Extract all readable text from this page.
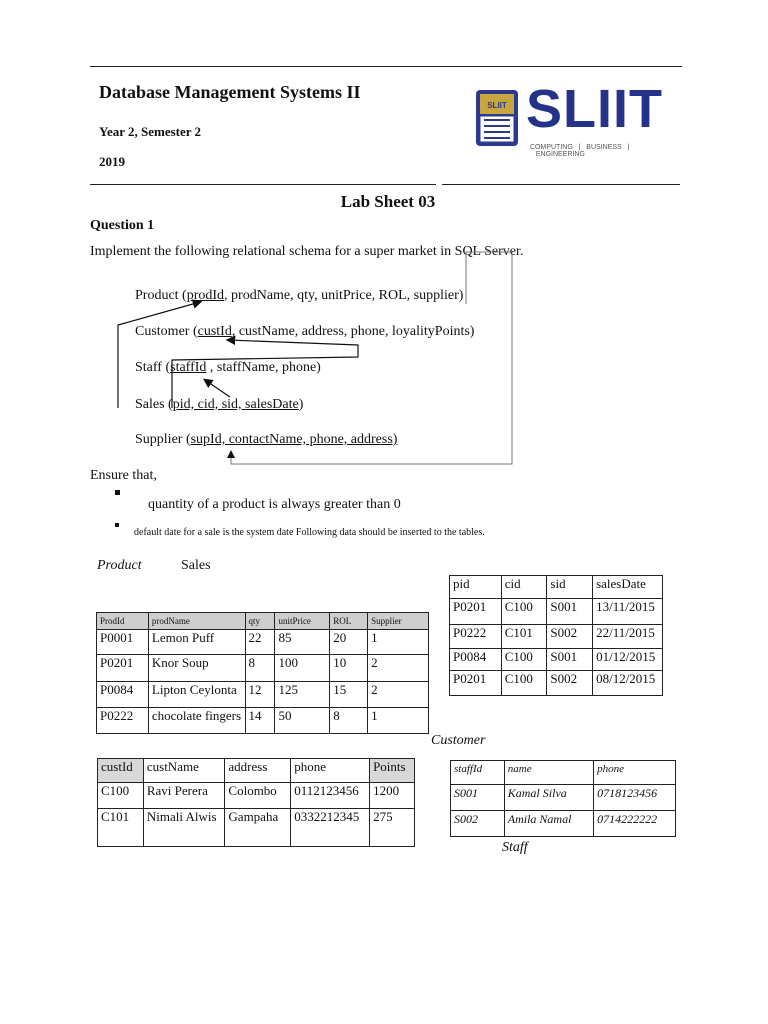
Database Management Systems II
Year 2, Semester 2
2019
SLIIT SLIIT
COMPUTING | BUSINESS |   ENGINEERING
Lab Sheet 03
Question 1
Implement the following relational schema for a super market in SQL Server.
Product (prodId, prodName, qty, unitPrice, ROL, supplier)
Customer (custId, custName, address, phone, loyalityPoints)
Staff (staffId , staffName, phone)
Sales (pid, cid, sid, salesDate)
Supplier (supId, contactName, phone, address)
Ensure that,
quantity of a product is always greater than 0
default date for a sale is the system date Following data should be inserted to the tables.
Product	Sales
Customer
Staff
ProdId	prodName	qty	unitPrice	ROL	Supplier
P0001	Lemon Puff	22	85	20	1
P0201	Knor Soup	8	100	10	2
P0084	Lipton Ceylonta	12	125	15	2
P0222	chocolate fingers	14	50	8	1
pid	cid	sid	salesDate
P0201	C100	S001	13/11/2015
P0222	C101	S002	22/11/2015
P0084	C100	S001	01/12/2015
P0201	C100	S002	08/12/2015
custId	custName	address	phone	Points
C100	Ravi Perera	Colombo	0112123456	1200
C101	Nimali Alwis	Gampaha	0332212345	275
staffId	name	phone
S001	Kamal Silva	0718123456
S002	Amila Namal	0714222222
